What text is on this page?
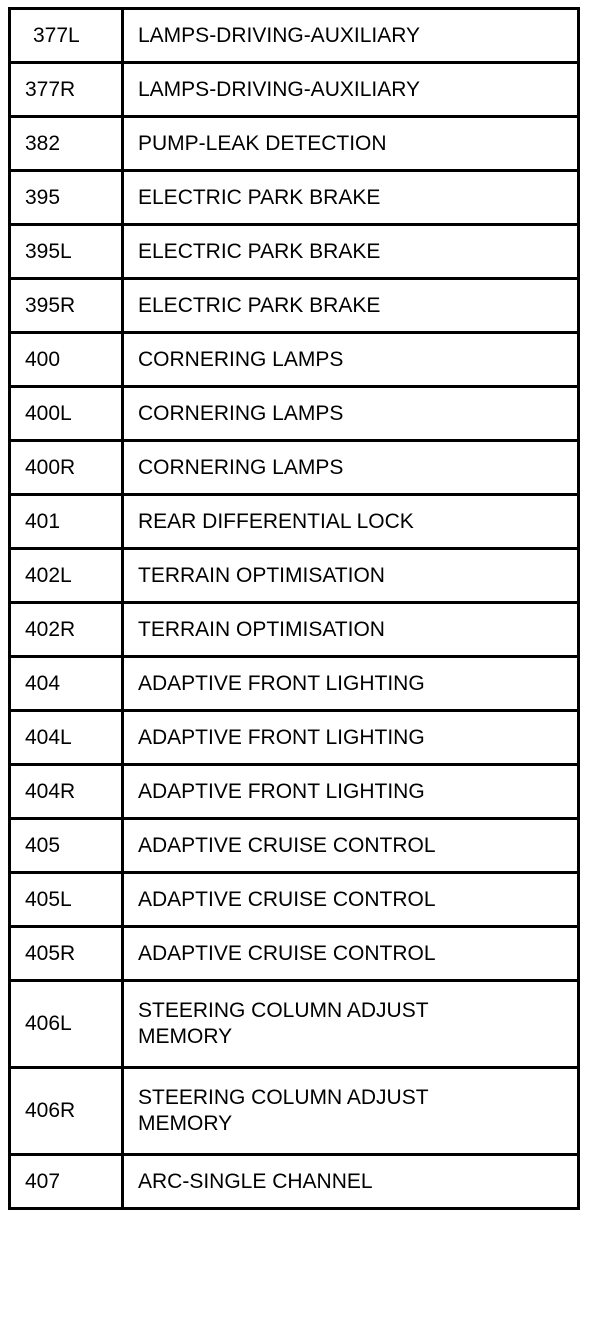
377L	LAMPS-DRIVING-AUXILIARY
377R	LAMPS-DRIVING-AUXILIARY
382	PUMP-LEAK DETECTION
395	ELECTRIC PARK BRAKE
395L	ELECTRIC PARK BRAKE
395R	ELECTRIC PARK BRAKE
400	CORNERING LAMPS
400L	CORNERING LAMPS
400R	CORNERING LAMPS
401	REAR DIFFERENTIAL LOCK
402L	TERRAIN OPTIMISATION
402R	TERRAIN OPTIMISATION
404	ADAPTIVE FRONT LIGHTING
404L	ADAPTIVE FRONT LIGHTING
404R	ADAPTIVE FRONT LIGHTING
405	ADAPTIVE CRUISE CONTROL
405L	ADAPTIVE CRUISE CONTROL
405R	ADAPTIVE CRUISE CONTROL
406L	STEERING COLUMN ADJUST
MEMORY
406R	STEERING COLUMN ADJUST
MEMORY
407	ARC-SINGLE CHANNEL
